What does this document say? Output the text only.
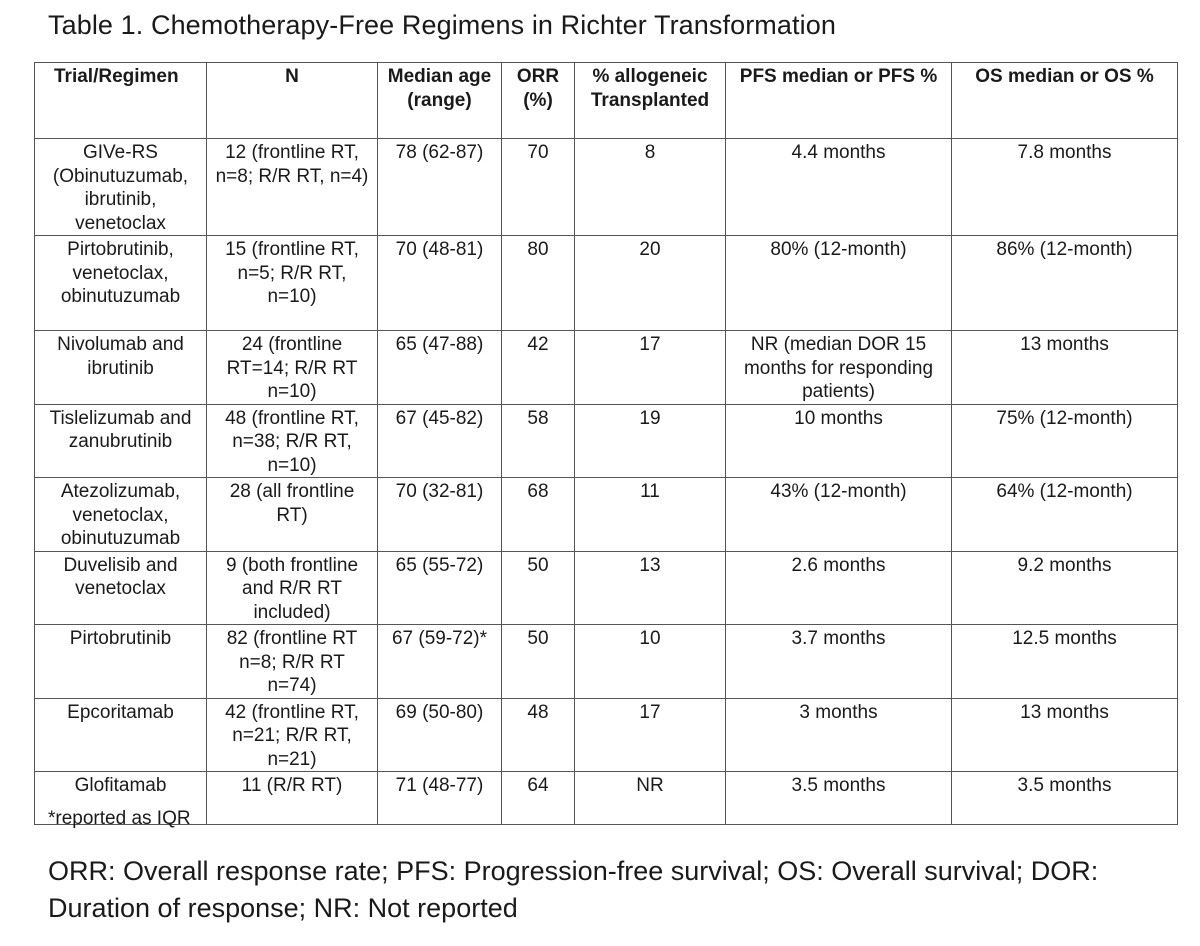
Table 1. Chemotherapy-Free Regimens in Richter Transformation
Trial/Regimen	N	Median age (range)	ORR (%)	% allogeneic Transplanted	PFS median or PFS %	OS median or OS %
GIVe-RS (Obinutuzumab, ibrutinib, venetoclax	12 (frontline RT, n=8; R/R RT, n=4)	78 (62-87)	70	8	4.4 months	7.8 months
Pirtobrutinib, venetoclax, obinutuzumab	15 (frontline RT, n=5; R/R RT, n=10)	70 (48-81)	80	20	80% (12-month)	86% (12-month)
Nivolumab and ibrutinib	24 (frontline RT=14; R/R RT n=10)	65 (47-88)	42	17	NR (median DOR 15 months for responding patients)	13 months
Tislelizumab and zanubrutinib	48 (frontline RT, n=38; R/R RT, n=10)	67 (45-82)	58	19	10 months	75% (12-month)
Atezolizumab, venetoclax, obinutuzumab	28 (all frontline RT)	70 (32-81)	68	11	43% (12-month)	64% (12-month)
Duvelisib and venetoclax	9 (both frontline and R/R RT included)	65 (55-72)	50	13	2.6 months	9.2 months
Pirtobrutinib	82 (frontline RT n=8; R/R RT n=74)	67 (59-72)*	50	10	3.7 months	12.5 months
Epcoritamab	42 (frontline RT, n=21; R/R RT, n=21)	69 (50-80)	48	17	3 months	13 months
Glofitamab	11 (R/R RT)	71 (48-77)	64	NR	3.5 months	3.5 months
*reported as IQR
ORR: Overall response rate; PFS: Progression-free survival; OS: Overall survival; DOR: Duration of response; NR: Not reported
